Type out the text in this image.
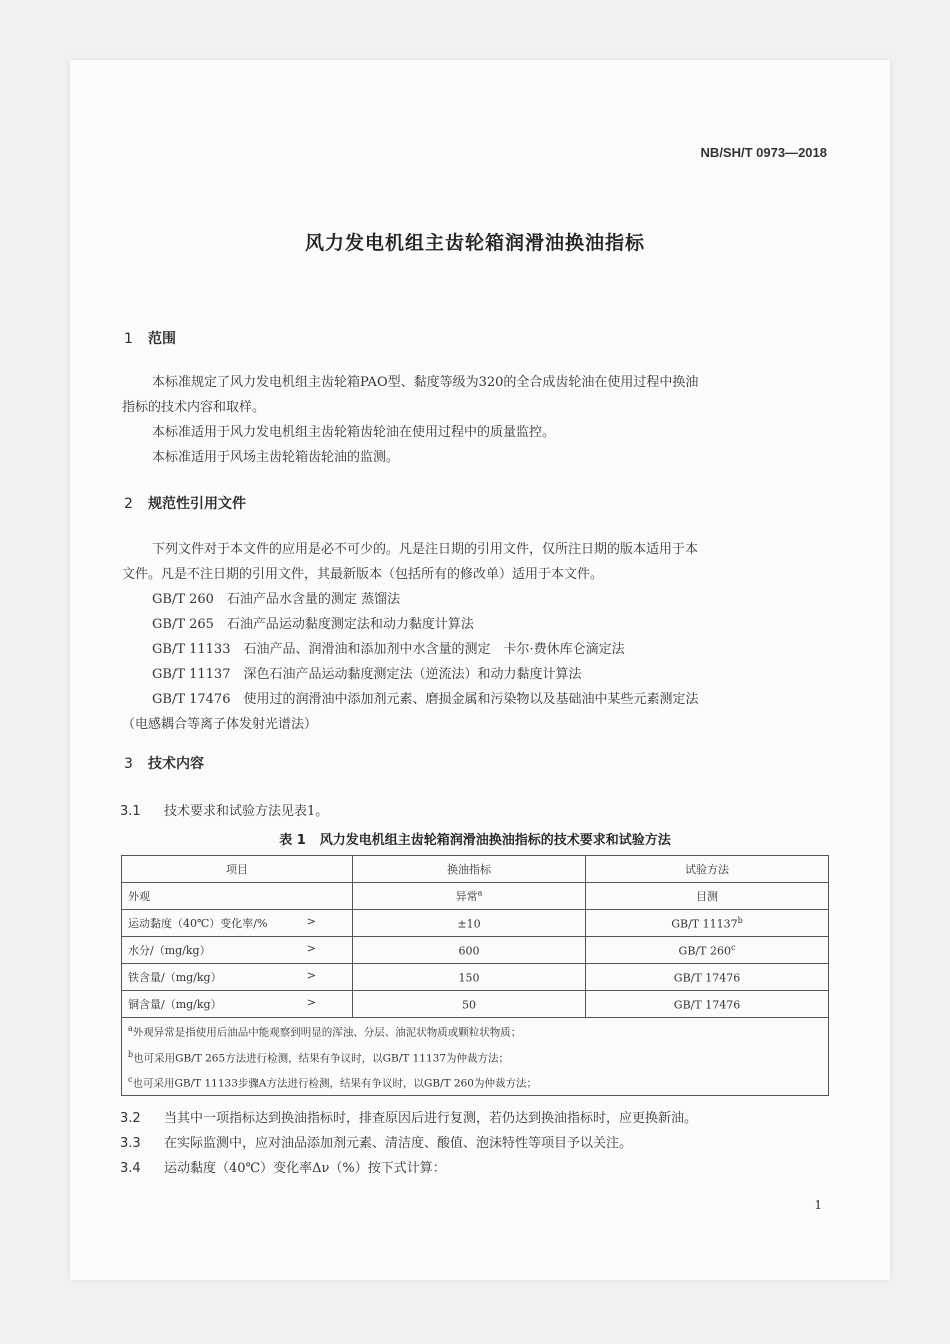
NB/SH/T 0973—2018
风力发电机组主齿轮箱润滑油换油指标
1 范围
本标准规定了风力发电机组主齿轮箱PAO型、黏度等级为320的全合成齿轮油在使用过程中换油
指标的技术内容和取样。
本标准适用于风力发电机组主齿轮箱齿轮油在使用过程中的质量监控。
本标准适用于风场主齿轮箱齿轮油的监测。
2 规范性引用文件
下列文件对于本文件的应用是必不可少的。凡是注日期的引用文件，仅所注日期的版本适用于本
文件。凡是不注日期的引用文件，其最新版本（包括所有的修改单）适用于本文件。
GB/T 260　石油产品水含量的测定 蒸馏法
GB/T 265　石油产品运动黏度测定法和动力黏度计算法
GB/T 11133　石油产品、润滑油和添加剂中水含量的测定　卡尔·费休库仑滴定法
GB/T 11137　深色石油产品运动黏度测定法（逆流法）和动力黏度计算法
GB/T 17476　使用过的润滑油中添加剂元素、磨损金属和污染物以及基础油中某些元素测定法
（电感耦合等离子体发射光谱法）
3 技术内容
3.1 技术要求和试验方法见表1。
表 1 风力发电机组主齿轮箱润滑油换油指标的技术要求和试验方法
项目	换油指标	试验方法

外观	异常$^a$	目测

运动黏度（40℃）变化率/% >	±10	GB/T 11137$^b$

水分/（mg/kg） >	600	GB/T 260$^c$

铁含量/（mg/kg） >	150	GB/T 17476

铜含量/（mg/kg） >	50	GB/T 17476

$^a$外观异常是指使用后油品中能观察到明显的浑浊、分层、油泥状物质或颗粒状物质；
$^b$也可采用GB/T 265方法进行检测，结果有争议时，以GB/T 11137为仲裁方法；
$^c$也可采用GB/T 11133步骤A方法进行检测，结果有争议时，以GB/T 260为仲裁方法；		
3.2 当其中一项指标达到换油指标时，排查原因后进行复测，若仍达到换油指标时，应更换新油。
3.3 在实际监测中，应对油品添加剂元素、清洁度、酸值、泡沫特性等项目予以关注。
3.4 运动黏度（40℃）变化率Δν（%）按下式计算：
1
